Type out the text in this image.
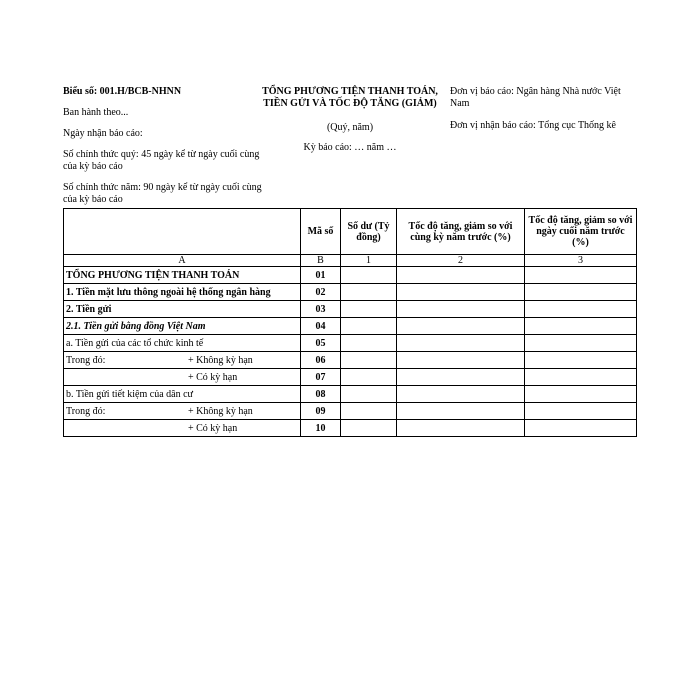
Biểu số: 001.H/BCB-NHNN
Ban hành theo...
Ngày nhận báo cáo:
Số chính thức quý: 45 ngày kể từ ngày cuối cùng của kỳ báo cáo
Số chính thức năm: 90 ngày kể từ ngày cuối cùng của kỳ báo cáo
TỔNG PHƯƠNG TIỆN THANH TOÁN, TIỀN GỬI VÀ TỐC ĐỘ TĂNG (GIẢM)
(Quý, năm)
Kỳ báo cáo: … năm …
Đơn vị báo cáo: Ngân hàng Nhà nước Việt Nam
Đơn vị nhận báo cáo: Tổng cục Thống kê
	Mã số	Số dư (Tỷ đồng)	Tốc độ tăng, giảm so với cùng kỳ năm trước (%)	Tốc độ tăng, giảm so với ngày cuối năm trước (%)
A	B	1	2	3
TỔNG PHƯƠNG TIỆN THANH TOÁN	01			
1. Tiền mặt lưu thông ngoài hệ thống ngân hàng	02			
2. Tiền gửi	03			
2.1. Tiền gửi bằng đồng Việt Nam	04			
a. Tiền gửi của các tổ chức kinh tế	05			
Trong đó: + Không kỳ hạn	06			
+ Có kỳ hạn	07			
b. Tiền gửi tiết kiệm của dân cư	08			
Trong đó: + Không kỳ hạn	09			
+ Có kỳ hạn	10			
